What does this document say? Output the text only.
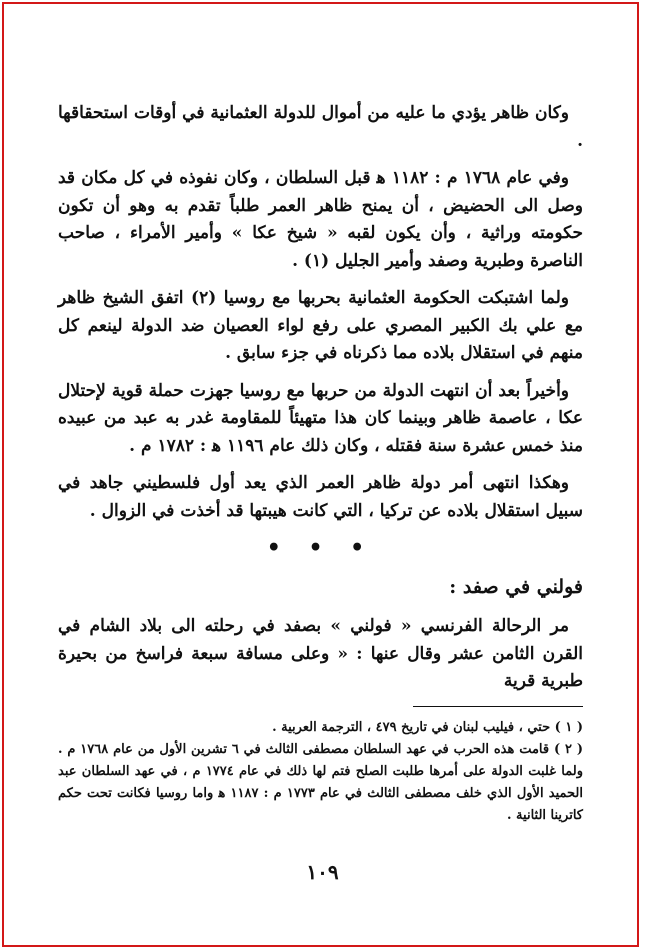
وكان ظاهر يؤدي ما عليه من أموال للدولة العثمانية في أوقات استحقاقها .

وفي عام ١٧٦٨ م : ١١٨٢ ﻫ قبل السلطان ، وكان نفوذه في كل مكان قد وصل الى الحضيض ، أن يمنح ظاهر العمر طلباً تقدم به وهو أن تكون حكومته وراثية ، وأن يكون لقبه « شيخ عكا » وأمير الأمراء ، صاحب الناصرة وطبرية وصفد وأمير الجليل (١) .

ولما اشتبكت الحكومة العثمانية بحربها مع روسيا (٢) اتفق الشيخ ظاهر مع علي بك الكبير المصري على رفع لواء العصيان ضد الدولة لينعم كل منهم في استقلال بلاده مما ذكرناه في جزء سابق .

وأخيراً بعد أن انتهت الدولة من حربها مع روسيا جهزت حملة قوية لإحتلال عكا ، عاصمة ظاهر وبينما كان هذا متهيئاً للمقاومة غدر به عبد من عبيده منذ خمس عشرة سنة فقتله ، وكان ذلك عام ١١٩٦ ﻫ : ١٧٨٢ م .

وهكذا انتهى أمر دولة ظاهر العمر الذي يعد أول فلسطيني جاهد في سبيل استقلال بلاده عن تركيا ، التي كانت هيبتها قد أخذت في الزوال .

• • •
فولني في صفد :

مر الرحالة الفرنسي « فولني » بصفد في رحلته الى بلاد الشام في القرن الثامن عشر وقال عنها : « وعلى مسافة سبعة فراسخ من بحيرة طبرية قرية

( ١ ) حتي ، فيليب لبنان في تاريخ ٤٧٩ ، الترجمة العربية .

( ٢ ) قامت هذه الحرب في عهد السلطان مصطفى الثالث في ٦ تشرين الأول من عام ١٧٦٨ م . ولما غلبت الدولة على أمرها طلبت الصلح فتم لها ذلك في عام ١٧٧٤ م ، في عهد السلطان عبد الحميد الأول الذي خلف مصطفى الثالث في عام ١٧٧٣ م : ١١٨٧ ﻫ واما روسيا فكانت تحت حكم كاترينا الثانية .

١٠٩
